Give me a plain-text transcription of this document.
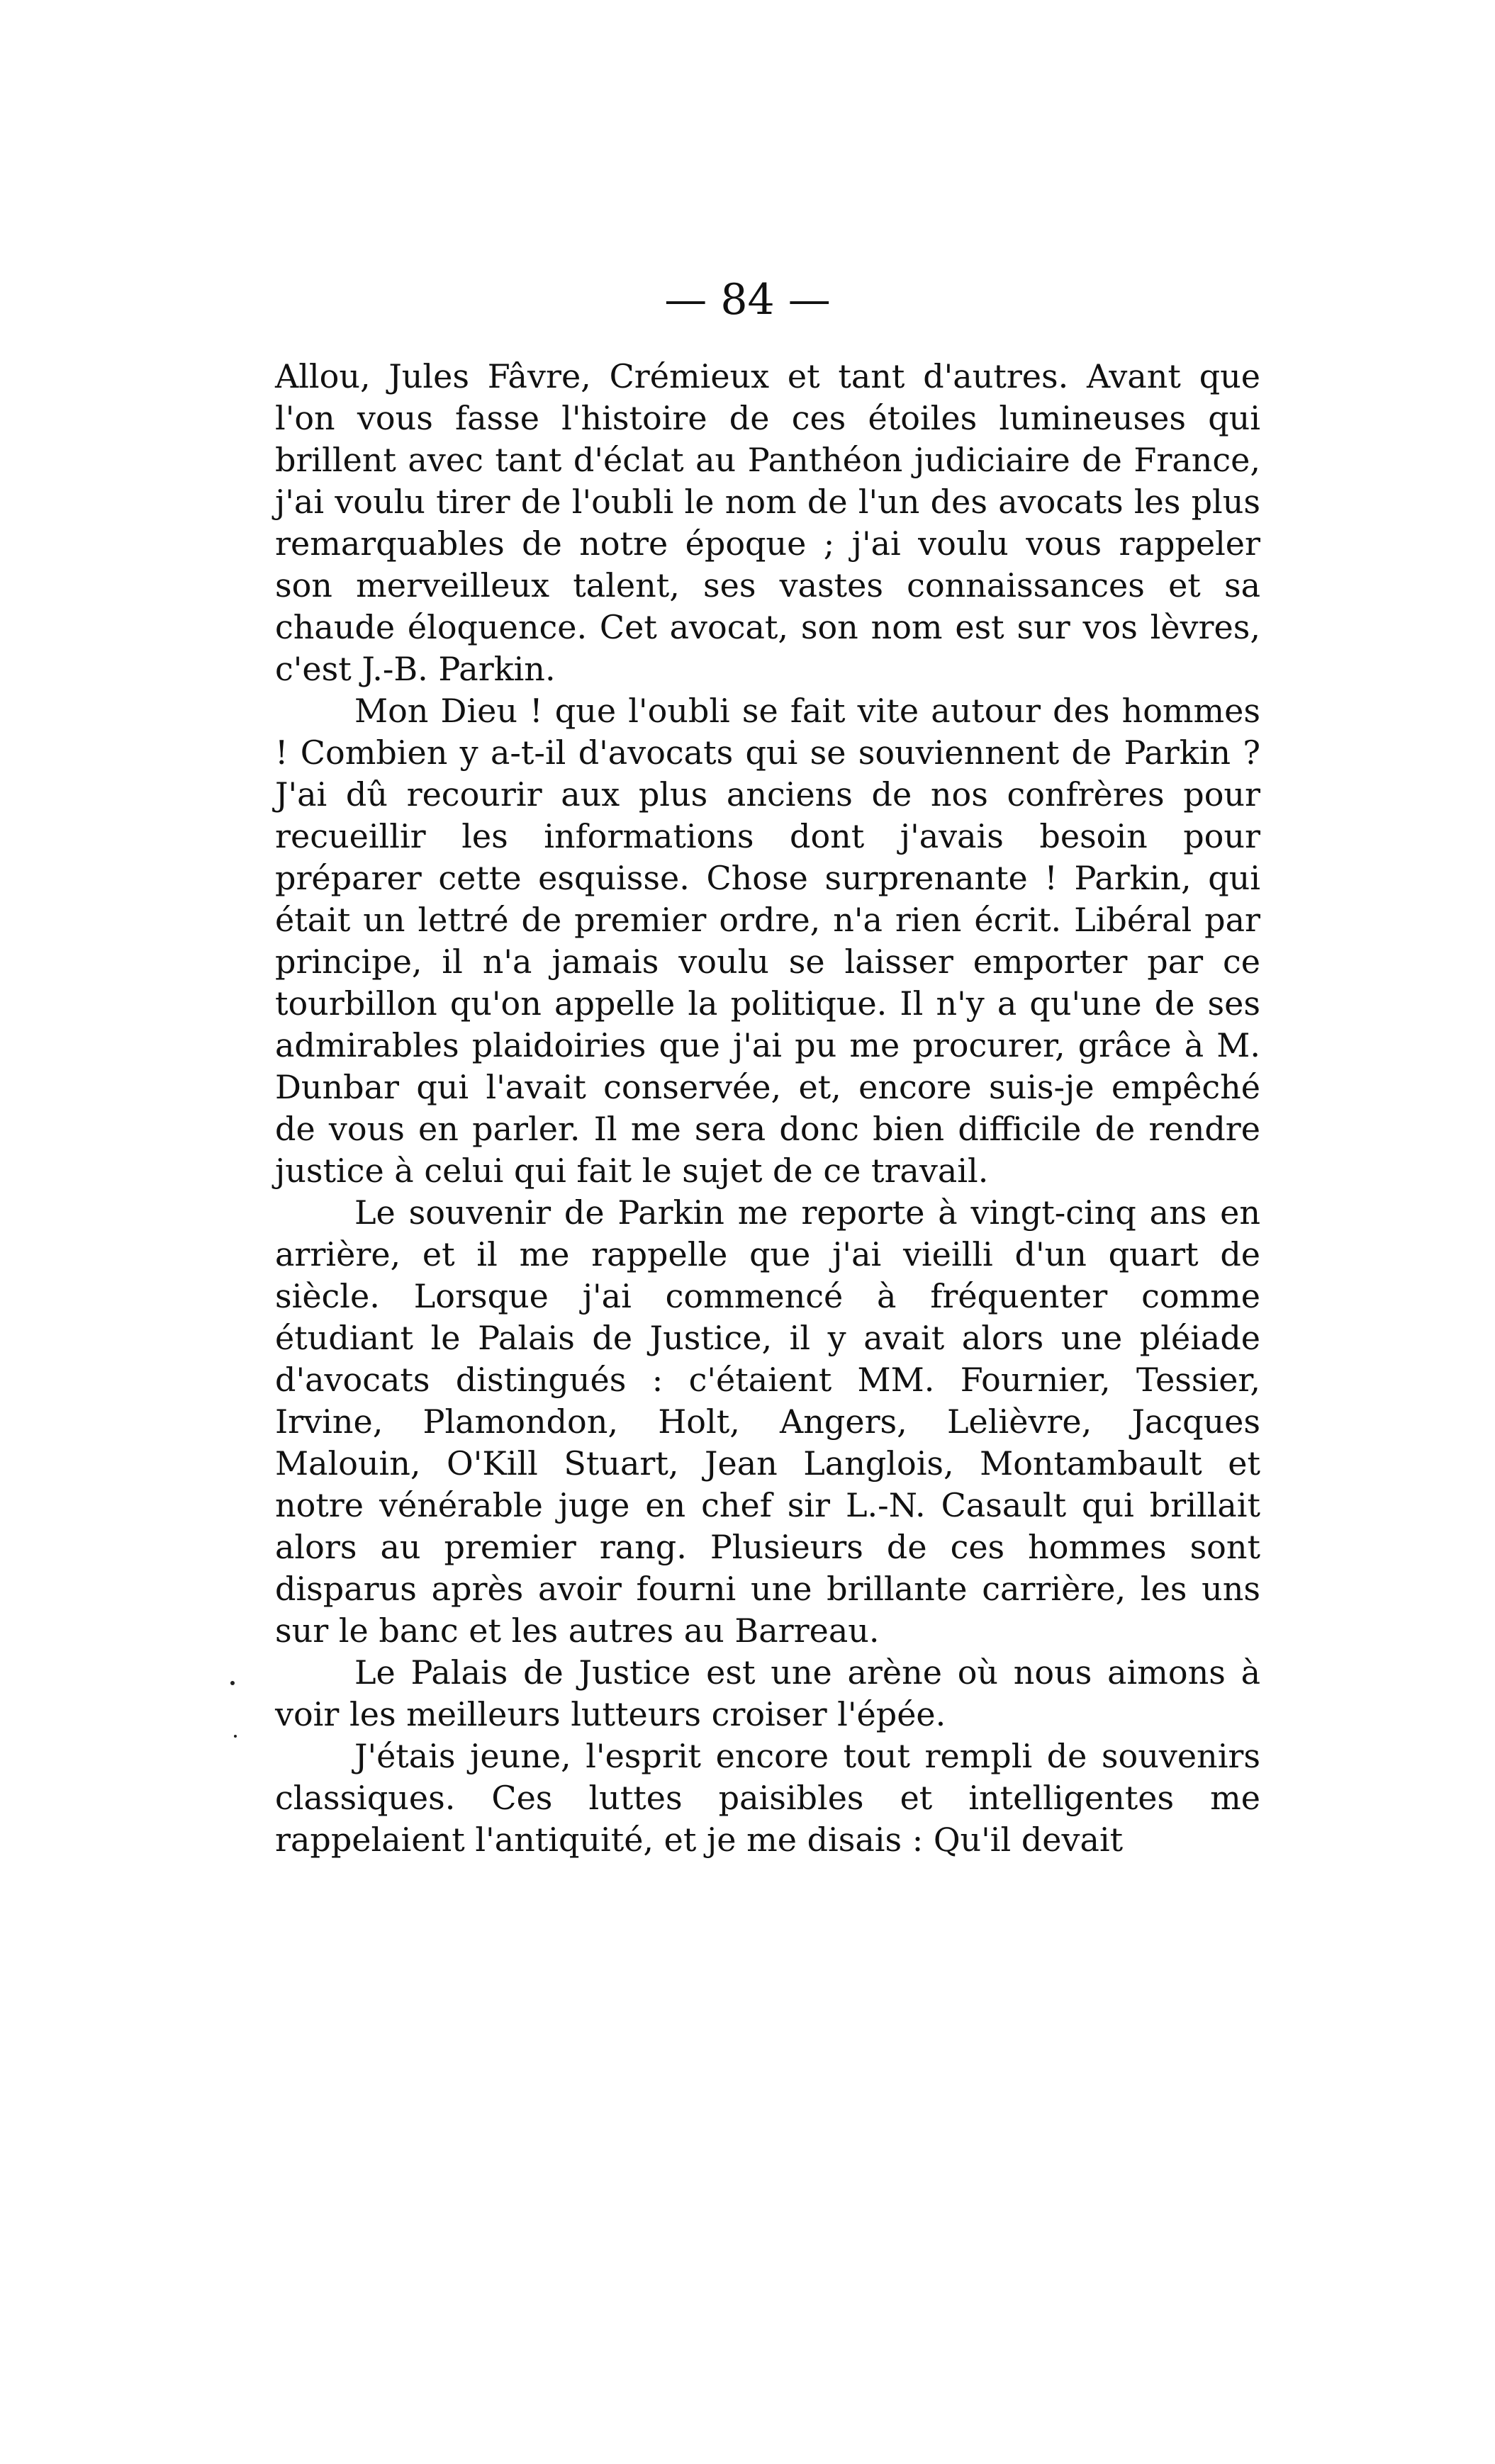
— 84 —

Allou, Jules Fâvre, Crémieux et tant d'autres. Avant que l'on vous fasse l'histoire de ces étoiles lumineuses qui brillent avec tant d'éclat au Panthéon judiciaire de France, j'ai voulu tirer de l'oubli le nom de l'un des avocats les plus remarquables de notre époque ; j'ai voulu vous rappeler son merveilleux talent, ses vastes connaissances et sa chaude éloquence. Cet avocat, son nom est sur vos lèvres, c'est J.-B. Parkin.

Mon Dieu ! que l'oubli se fait vite autour des hommes ! Combien y a-t-il d'avocats qui se souviennent de Parkin ? J'ai dû recourir aux plus anciens de nos confrères pour recueillir les informations dont j'avais besoin pour préparer cette esquisse. Chose surprenante ! Parkin, qui était un lettré de premier ordre, n'a rien écrit. Libéral par principe, il n'a jamais voulu se laisser emporter par ce tourbillon qu'on appelle la politique. Il n'y a qu'une de ses admirables plaidoiries que j'ai pu me procurer, grâce à M. Dunbar qui l'avait conservée, et, encore suis-je empêché de vous en parler. Il me sera donc bien difficile de rendre justice à celui qui fait le sujet de ce travail.

Le souvenir de Parkin me reporte à vingt-cinq ans en arrière, et il me rappelle que j'ai vieilli d'un quart de siècle. Lorsque j'ai commencé à fréquenter comme étudiant le Palais de Justice, il y avait alors une pléiade d'avocats distingués : c'étaient MM. Fournier, Tessier, Irvine, Plamondon, Holt, Angers, Lelièvre, Jacques Malouin, O'Kill Stuart, Jean Langlois, Montambault et notre vénérable juge en chef sir L.-N. Casault qui brillait alors au premier rang. Plusieurs de ces hommes sont disparus après avoir fourni une brillante carrière, les uns sur le banc et les autres au Barreau.

Le Palais de Justice est une arène où nous aimons à voir les meilleurs lutteurs croiser l'épée.

J'étais jeune, l'esprit encore tout rempli de souvenirs classiques. Ces luttes paisibles et intelligentes me rappelaient l'antiquité, et je me disais : Qu'il devait
